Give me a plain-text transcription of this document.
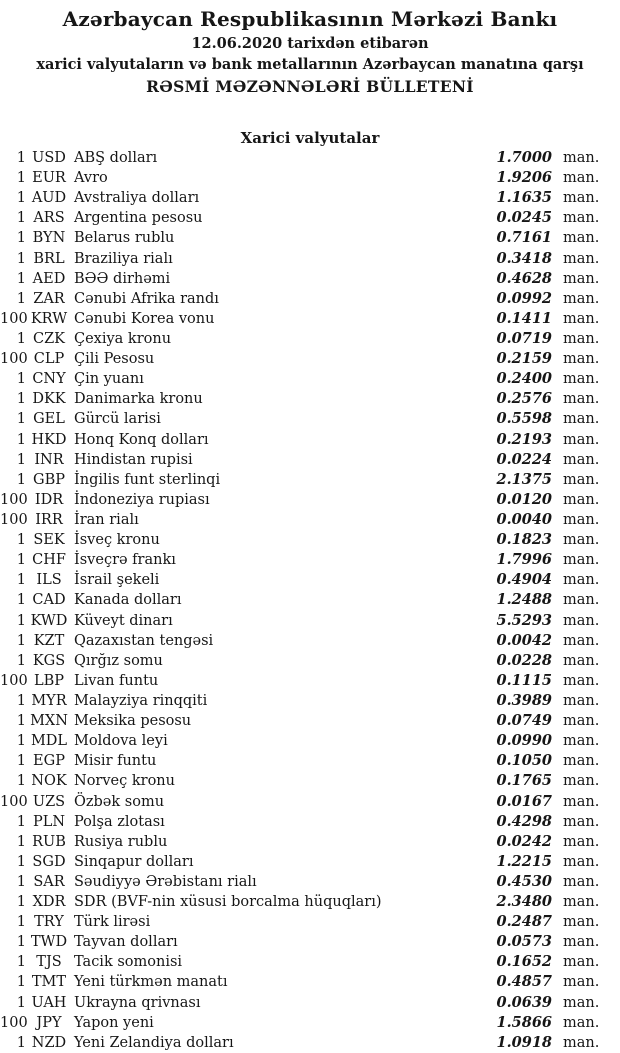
Azərbaycan Respublikasının Mərkəzi Bankı
12.06.2020 tarixdən etibarən
xarici valyutaların və bank metallarının Azərbaycan manatına qarşı
RƏSMİ MƏZƏNNƏLƏRİ BÜLLETENİ
Xarici valyutalar
1 USD ABŞ dolları	1.7000 man.
1 EUR Avro	1.9206 man.
1 AUD Avstraliya dolları	1.1635 man.
1 ARS Argentina pesosu	0.0245 man.
1 BYN Belarus rublu	0.7161 man.
1 BRL Braziliya rialı	0.3418 man.
1 AED BƏƏ dirhəmi	0.4628 man.
1 ZAR Cənubi Afrika randı	0.0992 man.
100 KRW Cənubi Korea vonu	0.1411 man.
1 CZK Çexiya kronu	0.0719 man.
100 CLP Çili Pesosu	0.2159 man.
1 CNY Çin yuanı	0.2400 man.
1 DKK Danimarka kronu	0.2576 man.
1 GEL Gürcü larisi	0.5598 man.
1 HKD Honq Konq dolları	0.2193 man.
1 INR Hindistan rupisi	0.0224 man.
1 GBP İngilis funt sterlinqi	2.1375 man.
100 IDR İndoneziya rupiası	0.0120 man.
100 IRR İran rialı	0.0040 man.
1 SEK İsveç kronu	0.1823 man.
1 CHF İsveçrə frankı	1.7996 man.
1 ILS İsrail şekeli	0.4904 man.
1 CAD Kanada dolları	1.2488 man.
1 KWD Küveyt dinarı	5.5293 man.
1 KZT Qazaxıstan tengəsi	0.0042 man.
1 KGS Qırğız somu	0.0228 man.
100 LBP Livan funtu	0.1115 man.
1 MYR Malayziya rinqqiti	0.3989 man.
1 MXN Meksika pesosu	0.0749 man.
1 MDL Moldova leyi	0.0990 man.
1 EGP Misir funtu	0.1050 man.
1 NOK Norveç kronu	0.1765 man.
100 UZS Özbək somu	0.0167 man.
1 PLN Polşa zlotası	0.4298 man.
1 RUB Rusiya rublu	0.0242 man.
1 SGD Sinqapur dolları	1.2215 man.
1 SAR Səudiyyə Ərəbistanı rialı	0.4530 man.
1 XDR SDR (BVF-nin xüsusi borcalma hüquqları)	2.3480 man.
1 TRY Türk lirəsi	0.2487 man.
1 TWD Tayvan dolları	0.0573 man.
1 TJS Tacik somonisi	0.1652 man.
1 TMT Yeni türkmən manatı	0.4857 man.
1 UAH Ukrayna qrivnası	0.0639 man.
100 JPY Yapon yeni	1.5866 man.
1 NZD Yeni Zelandiya dolları	1.0918 man.
